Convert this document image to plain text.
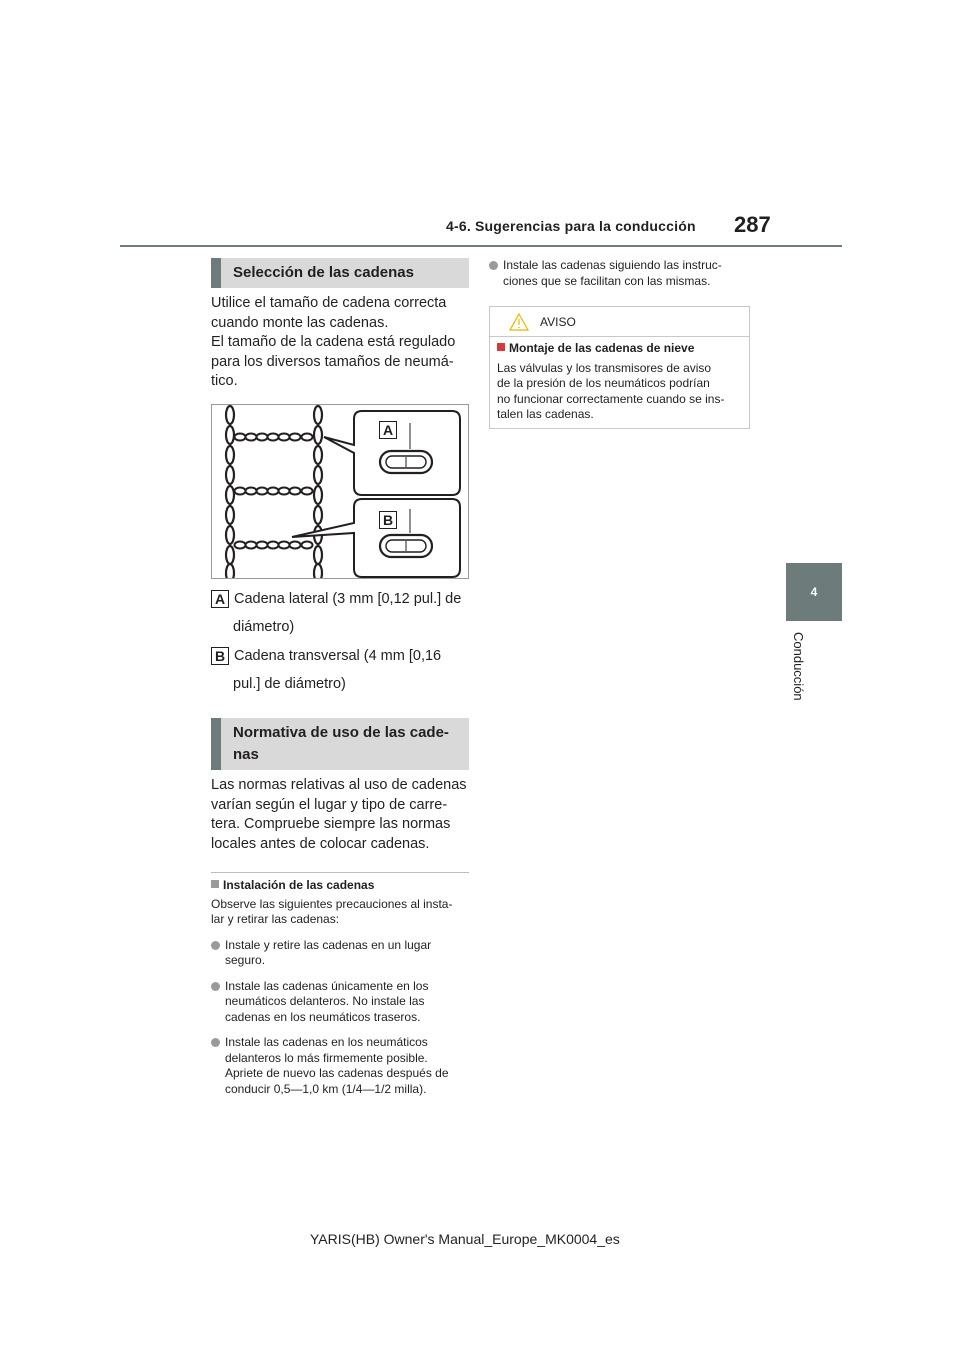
4-6. Sugerencias para la conducción 287
4
Conducción
Selección de las cadenas
Utilice el tamaño de cadena correcta
cuando monte las cadenas.
El tamaño de la cadena está regulado
para los diversos tamaños de neumá-
tico.
A
B
A Cadena lateral (3 mm [0,12 pul.] de
diámetro)
B Cadena transversal (4 mm [0,16
pul.] de diámetro)
Normativa de uso de las cade-
nas
Las normas relativas al uso de cadenas
varían según el lugar y tipo de carre-
tera. Compruebe siempre las normas
locales antes de colocar cadenas.
Instalación de las cadenas
Observe las siguientes precauciones al insta-
lar y retirar las cadenas:
Instale y retire las cadenas en un lugar
seguro.
Instale las cadenas únicamente en los
neumáticos delanteros. No instale las
cadenas en los neumáticos traseros.
Instale las cadenas en los neumáticos
delanteros lo más firmemente posible.
Apriete de nuevo las cadenas después de
conducir 0,5—1,0 km (1/4—1/2 milla).
Instale las cadenas siguiendo las instruc-
ciones que se facilitan con las mismas.
AVISO
Montaje de las cadenas de nieve
Las válvulas y los transmisores de aviso
de la presión de los neumáticos podrían
no funcionar correctamente cuando se ins-
talen las cadenas.
YARIS(HB) Owner's Manual_Europe_MK0004_es
